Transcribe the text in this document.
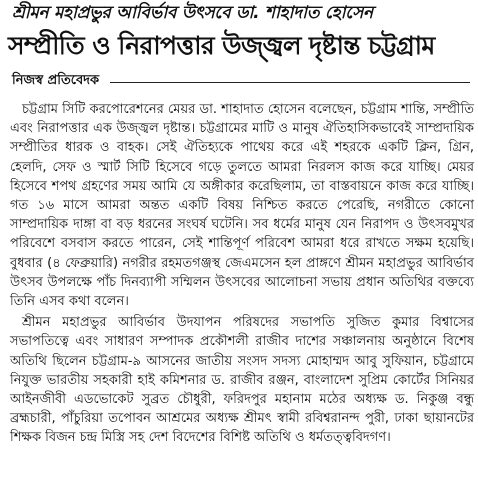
শ্রীমন মহাপ্রভুর আবির্ভাব উৎসবে ডা. শাহাদাত হোসেন
সম্প্রীতি ও নিরাপত্তার উজ্জ্বল দৃষ্টান্ত চট্টগ্রাম
নিজস্ব প্রতিবেদক

চট্টগ্রাম সিটি করপোরেশনের মেয়র ডা. শাহাদাত হোসেন বলেছেন, চট্টগ্রাম শান্তি, সম্প্রীতি এবং নিরাপত্তার এক উজ্জ্বল দৃষ্টান্ত। চট্টগ্রামের মাটি ও মানুষ ঐতিহাসিকভাবেই সাম্প্রদায়িক সম্প্রীতির ধারক ও বাহক। সেই ঐতিহ্যকে পাথেয় করে এই শহরকে একটি ক্লিন, গ্রিন, হেলদি, সেফ ও স্মার্ট সিটি হিসেবে গড়ে তুলতে আমরা নিরলস কাজ করে যাচ্ছি। মেয়র হিসেবে শপথ গ্রহণের সময় আমি যে অঙ্গীকার করেছিলাম, তা বাস্তবায়নে কাজ করে যাচ্ছি। গত ১৬ মাসে আমরা অন্তত একটি বিষয় নিশ্চিত করতে পেরেছি, নগরীতে কোনো সাম্প্রদায়িক দাঙ্গা বা বড় ধরনের সংঘর্ষ ঘটেনি। সব ধর্মের মানুষ যেন নিরাপদ ও উৎসবমুখর পরিবেশে বসবাস করতে পারেন, সেই শান্তিপূর্ণ পরিবেশ আমরা ধরে রাখতে সক্ষম হয়েছি। বুধবার (৪ ফেব্রুয়ারি) নগরীর রহমতগঞ্জস্থ জেএমসেন হল প্রাঙ্গণে শ্রীমন মহাপ্রভুর আবির্ভাব উৎসব উপলক্ষে পাঁচ দিনব্যাপী সম্মিলন উৎসবের আলোচনা সভায় প্রধান অতিথির বক্তব্যে তিনি এসব কথা বলেন।

শ্রীমন মহাপ্রভুর আবির্ভাব উদযাপন পরিষদের সভাপতি সুজিত কুমার বিশ্বাসের সভাপতিত্বে এবং সাধারণ সম্পাদক প্রকৌশলী রাজীব দাশের সঞ্চালনায় অনুষ্ঠানে বিশেষ অতিথি ছিলেন চট্টগ্রাম-৯ আসনের জাতীয় সংসদ সদস্য মোহাম্মদ আবু সুফিয়ান, চট্টগ্রামে নিযুক্ত ভারতীয় সহকারী হাই কমিশনার ড. রাজীব রঞ্জন, বাংলাদেশ সুপ্রিম কোর্টের সিনিয়র আইনজীবী এডভোকেট সুব্রত চৌধুরী, ফরিদপুর মহানাম মঠের অধ্যক্ষ ড. নিকুঞ্জ বন্ধু ব্রহ্মচারী, পাঁচুরিয়া তপোবন আশ্রমের অধ্যক্ষ শ্রীমৎ স্বামী রবিশ্বরানন্দ পুরী, ঢাকা ছায়ানটের শিক্ষক বিজন চন্দ্র মিস্ত্রি সহ দেশ বিদেশের বিশিষ্ট অতিথি ও ধর্মতত্ত্ববিদগণ।
